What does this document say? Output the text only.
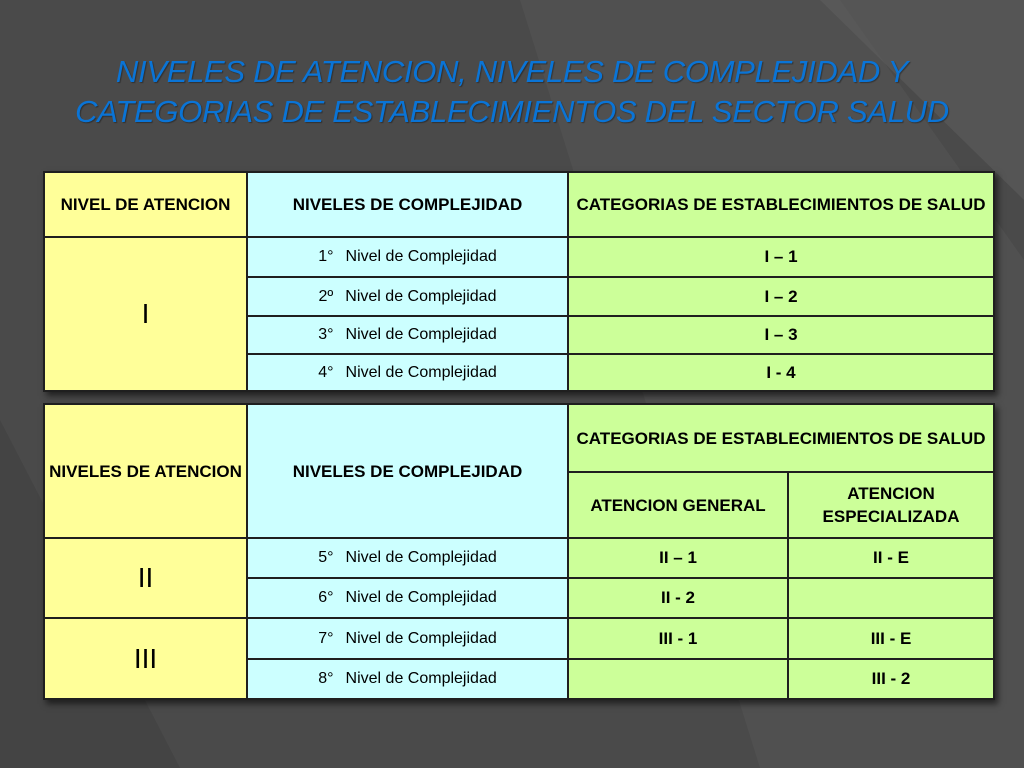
NIVELES DE ATENCION, NIVELES DE COMPLEJIDAD Y
CATEGORIAS DE ESTABLECIMIENTOS DEL SECTOR SALUD
NIVEL DE ATENCION	NIVELES DE COMPLEJIDAD	CATEGORIAS DE ESTABLECIMIENTOS DE SALUD
I	1° Nivel de Complejidad	I – 1
	2º Nivel de Complejidad	I – 2
	3° Nivel de Complejidad	I – 3
	4° Nivel de Complejidad	I - 4
NIVELES DE ATENCION	NIVELES DE COMPLEJIDAD	CATEGORIAS DE ESTABLECIMIENTOS DE SALUD	
		ATENCION GENERAL	ATENCION ESPECIALIZADA
II	5° Nivel de Complejidad	II – 1	II - E
	6° Nivel de Complejidad	II - 2	
III	7° Nivel de Complejidad	III - 1	III - E
	8° Nivel de Complejidad		III - 2
